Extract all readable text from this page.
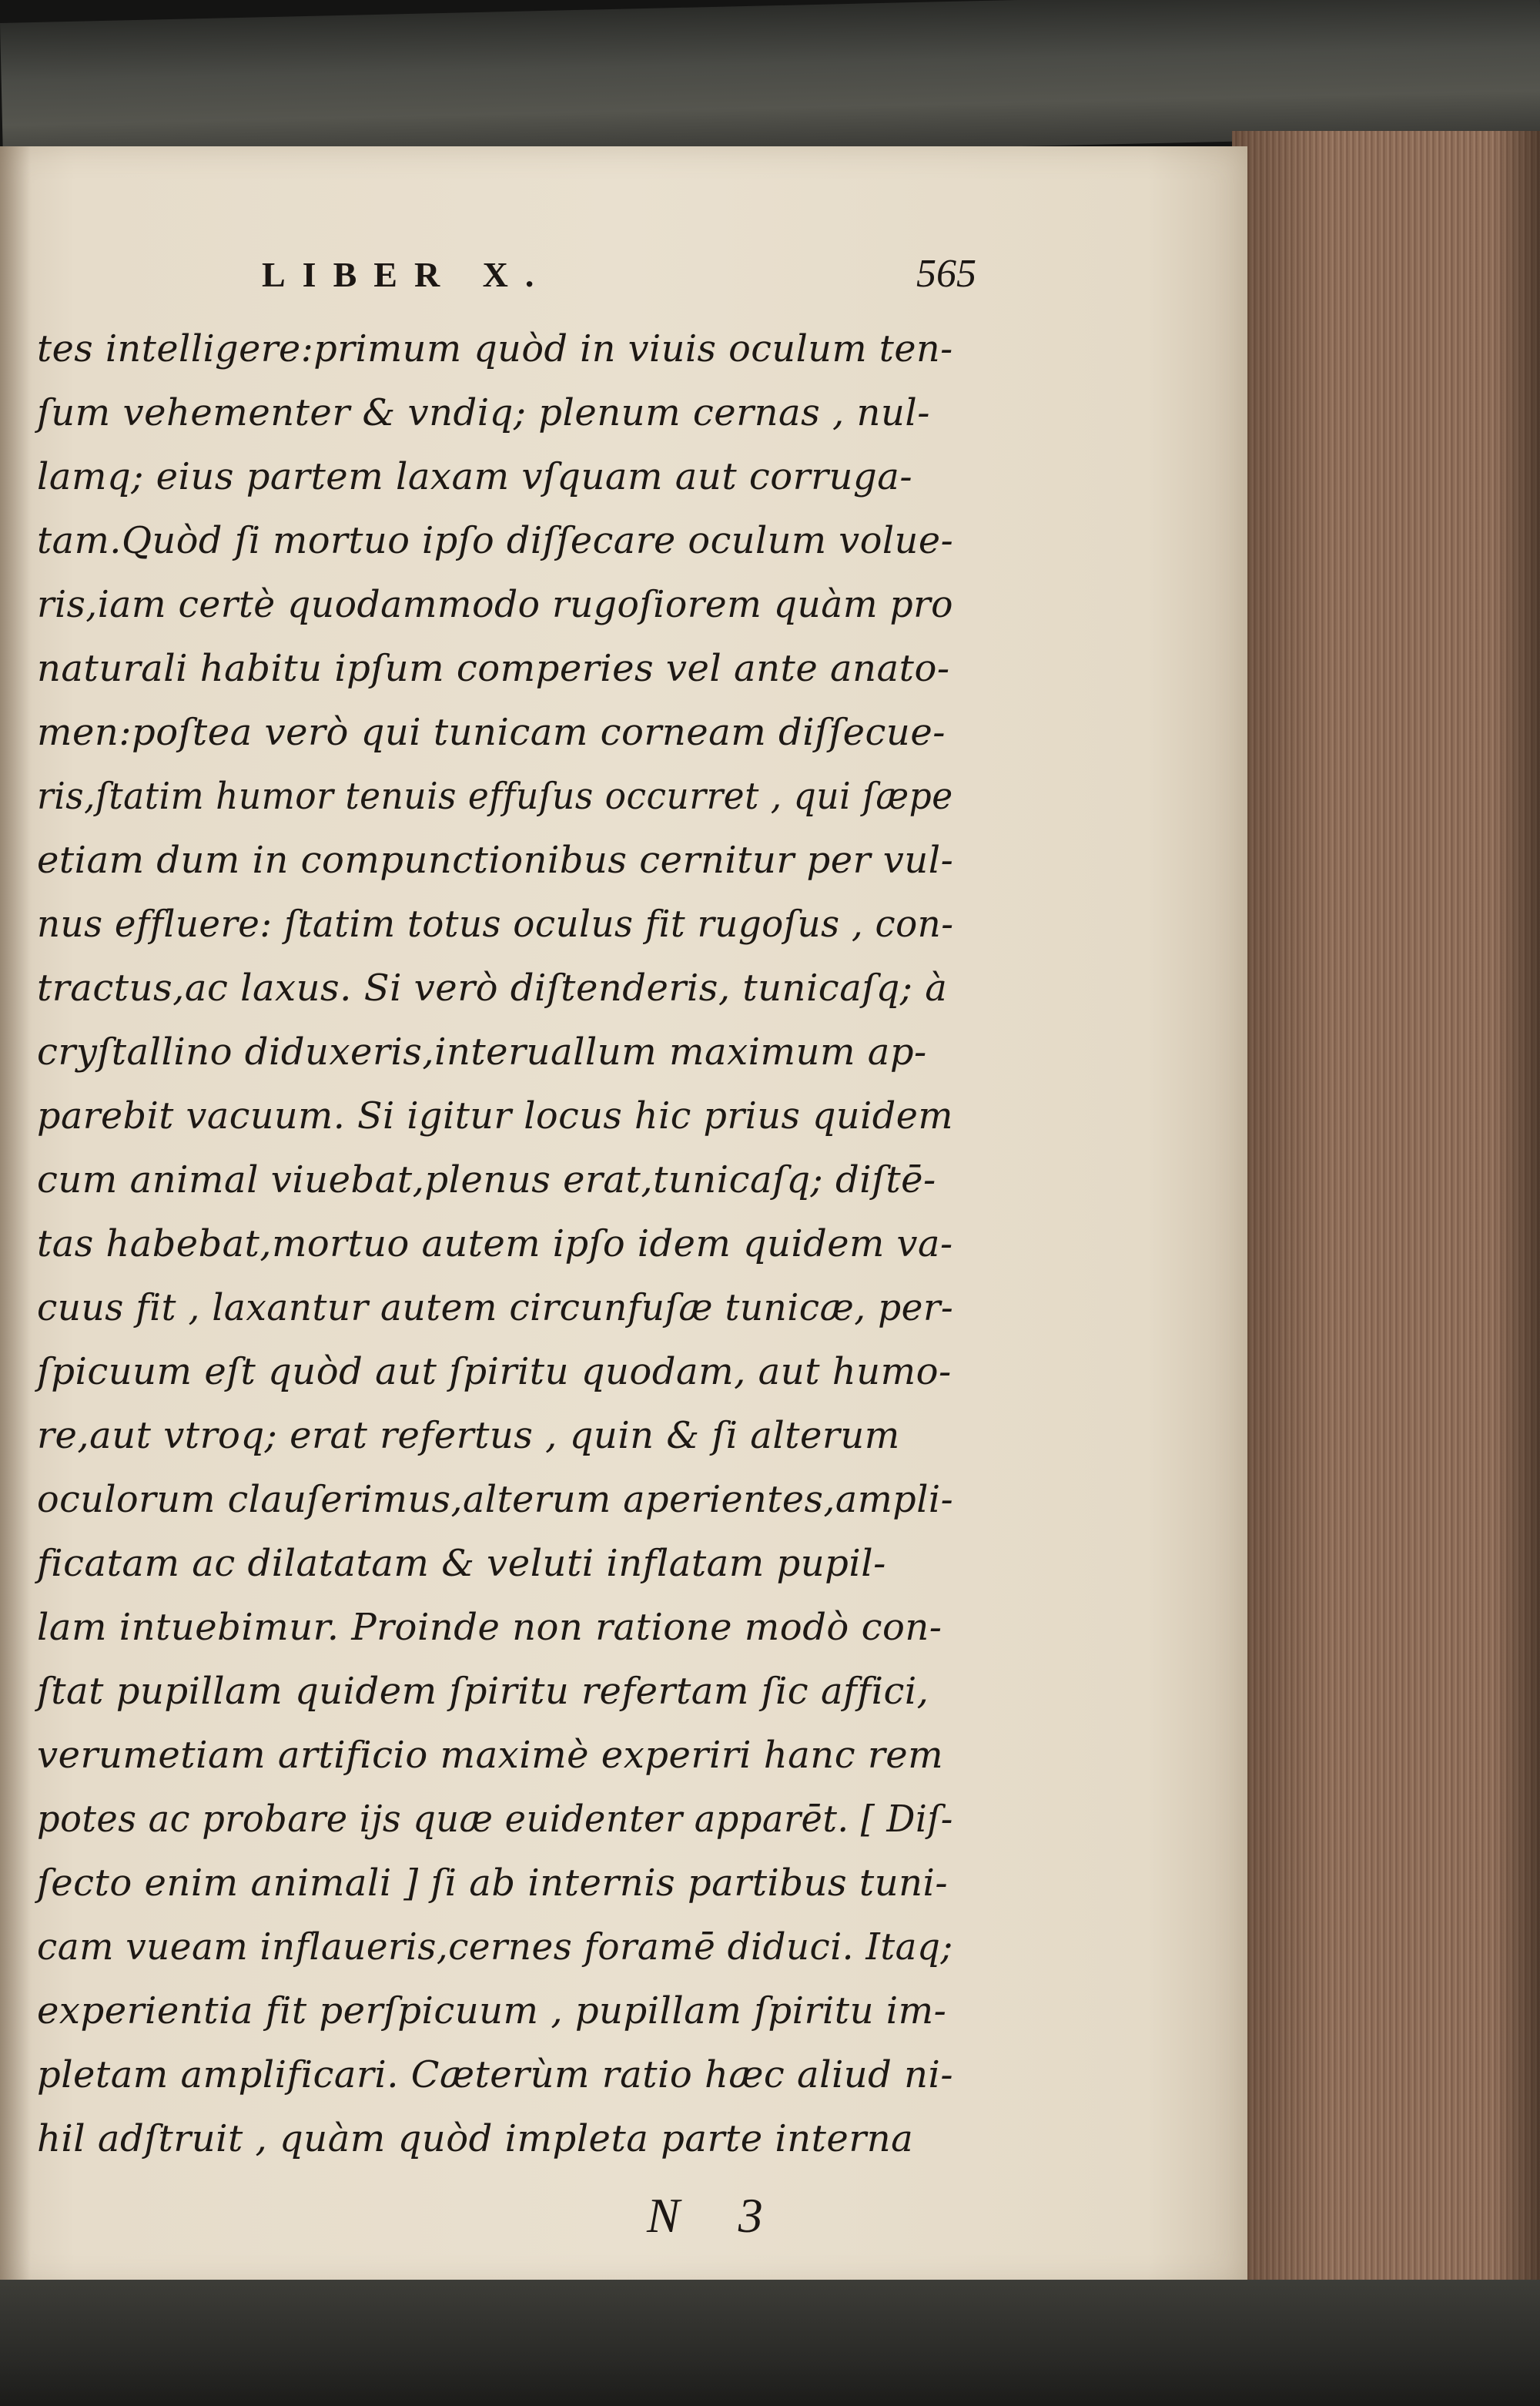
LIBER X.	565
tes intelligere:primum quòd in viuis oculum ten-
ſum vehementer & vndiq; plenum cernas , nul-
lamq; eius partem laxam vſquam aut corruga-
tam.Quòd ſi mortuo ipſo diſſecare oculum volue-
ris,iam certè quodammodo rugoſiorem quàm pro
naturali habitu ipſum comperies vel ante anato-
men:poſtea verò qui tunicam corneam diſſecue-
ris,ſtatim humor tenuis effuſus occurret , qui ſæpe
etiam dum in compunctionibus cernitur per vul-
nus effluere: ſtatim totus oculus fit rugoſus , con-
tractus,ac laxus. Si verò diſtenderis, tunicaſq; à
cryſtallino diduxeris,interuallum maximum ap-
parebit vacuum. Si igitur locus hic prius quidem
cum animal viuebat,plenus erat,tunicaſq; diſtē-
tas habebat,mortuo autem ipſo idem quidem va-
cuus fit , laxantur autem circunfuſæ tunicæ, per-
ſpicuum eſt quòd aut ſpiritu quodam, aut humo-
re,aut vtroq; erat refertus , quin & ſi alterum
oculorum clauſerimus,alterum aperientes,ampli-
ficatam ac dilatatam & veluti inflatam pupil-
lam intuebimur. Proinde non ratione modò con-
ſtat pupillam quidem ſpiritu refertam ſic affici,
verumetiam artificio maximè experiri hanc rem
potes ac probare ijs quæ euidenter apparēt. [ Diſ-
ſecto enim animali ] ſi ab internis partibus tuni-
cam vueam inflaueris,cernes foramē diduci. Itaq;
experientia fit perſpicuum , pupillam ſpiritu im-
pletam amplificari. Cæterùm ratio hæc aliud ni-
hil adſtruit , quàm quòd impleta parte interna
N 3
